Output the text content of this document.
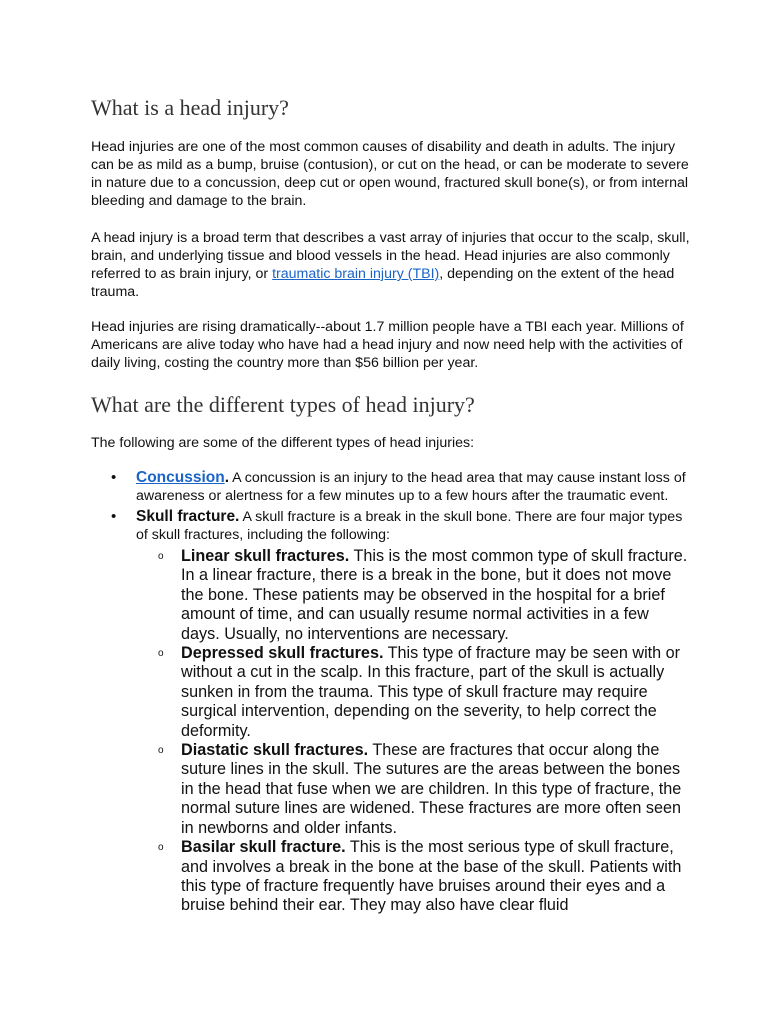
What is a head injury?

Head injuries are one of the most common causes of disability and death in adults. The injury can be as mild as a bump, bruise (contusion), or cut on the head, or can be moderate to severe in nature due to a concussion, deep cut or open wound, fractured skull bone(s), or from internal bleeding and damage to the brain.

A head injury is a broad term that describes a vast array of injuries that occur to the scalp, skull, brain, and underlying tissue and blood vessels in the head. Head injuries are also commonly referred to as brain injury, or traumatic brain injury (TBI), depending on the extent of the head trauma.

Head injuries are rising dramatically--about 1.7 million people have a TBI each year. Millions of Americans are alive today who have had a head injury and now need help with the activities of daily living, costing the country more than $56 billion per year.

What are the different types of head injury?

The following are some of the different types of head injuries:

• Concussion. A concussion is an injury to the head area that may cause instant loss of awareness or alertness for a few minutes up to a few hours after the traumatic event.
• Skull fracture. A skull fracture is a break in the skull bone. There are four major types of skull fractures, including the following:
o Linear skull fractures. This is the most common type of skull fracture. In a linear fracture, there is a break in the bone, but it does not move the bone. These patients may be observed in the hospital for a brief amount of time, and can usually resume normal activities in a few days. Usually, no interventions are necessary.
o Depressed skull fractures. This type of fracture may be seen with or without a cut in the scalp. In this fracture, part of the skull is actually sunken in from the trauma. This type of skull fracture may require surgical intervention, depending on the severity, to help correct the deformity.
o Diastatic skull fractures. These are fractures that occur along the suture lines in the skull. The sutures are the areas between the bones in the head that fuse when we are children. In this type of fracture, the normal suture lines are widened. These fractures are more often seen in newborns and older infants.
o Basilar skull fracture. This is the most serious type of skull fracture, and involves a break in the bone at the base of the skull. Patients with this type of fracture frequently have bruises around their eyes and a bruise behind their ear. They may also have clear fluid
